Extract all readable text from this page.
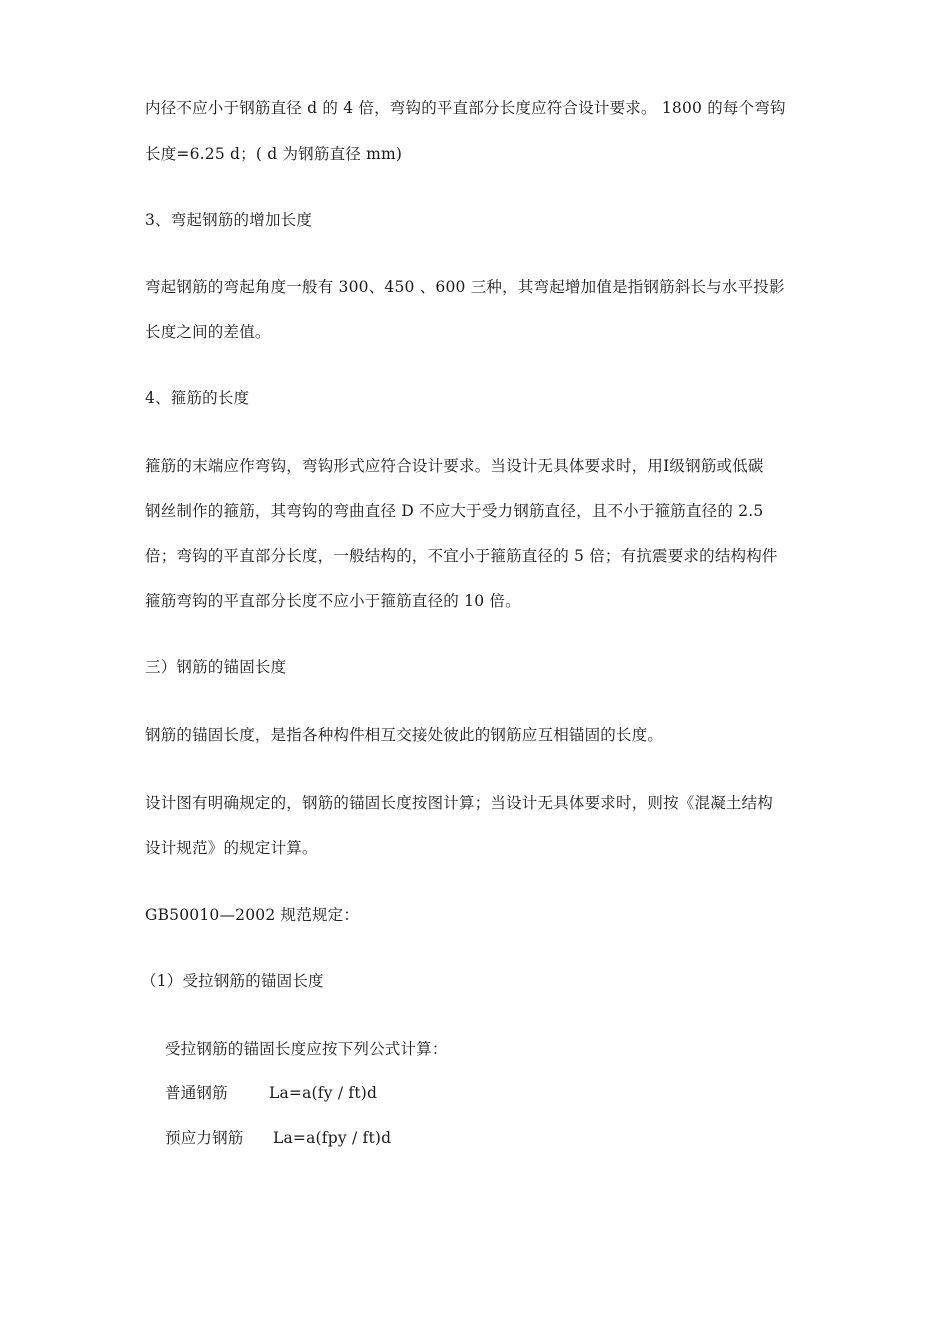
内径不应小于钢筋直径 d 的 4 倍，弯钩的平直部分长度应符合设计要求。 1800 的每个弯钩
长度=6.25 d；( d 为钢筋直径 mm)
3、弯起钢筋的增加长度
弯起钢筋的弯起角度一般有 300、450 、600 三种，其弯起增加值是指钢筋斜长与水平投影
长度之间的差值。
4、箍筋的长度
箍筋的末端应作弯钩，弯钩形式应符合设计要求。当设计无具体要求时，用Ⅰ级钢筋或低碳
钢丝制作的箍筋，其弯钩的弯曲直径 D 不应大于受力钢筋直径，且不小于箍筋直径的 2.5
倍；弯钩的平直部分长度，一般结构的，不宜小于箍筋直径的 5 倍；有抗震要求的结构构件
箍筋弯钩的平直部分长度不应小于箍筋直径的 10 倍。
三）钢筋的锚固长度
钢筋的锚固长度，是指各种构件相互交接处彼此的钢筋应互相锚固的长度。
设计图有明确规定的，钢筋的锚固长度按图计算；当设计无具体要求时，则按《混凝土结构
设计规范》的规定计算。
GB50010—2002 规范规定：
（1）受拉钢筋的锚固长度
受拉钢筋的锚固长度应按下列公式计算：
普通钢筋	La=a(fy / ft)d
预应力钢筋 La=a(fpy / ft)d
